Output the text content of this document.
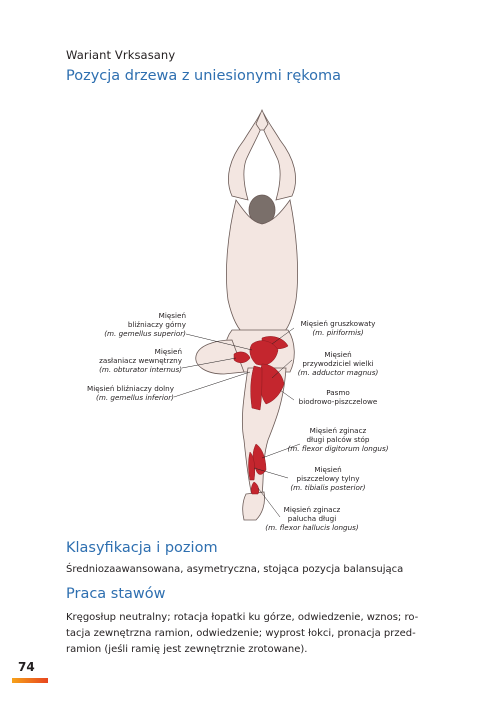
Wariant Vrksasany
Pozycja drzewa z uniesionymi rękoma
Mięsień
bliźniaczy górny
(m. gemellus superior)
Mięsień
zasłaniacz wewnętrzny
(m. obturator internus)
Mięsień bliźniaczy dolny
(m. gemellus inferior)
Mięsień gruszkowaty
(m. piriformis)
Mięsień
przywodziciel wielki
(m. adductor magnus)
Pasmo
biodrowo-piszczelowe
Mięsień zginacz
długi palców stóp
(m. flexor digitorum longus)
Mięsień
piszczelowy tylny
(m. tibialis posterior)
Mięsień zginacz
palucha długi
(m. flexor hallucis longus)
Klasyfikacja i poziom
Średniozaawansowana, asymetryczna, stojąca pozycja balansująca
Praca stawów
Kręgosłup neutralny; rotacja łopatki ku górze, odwiedzenie, wznos; ro-
tacja zewnętrzna ramion, odwiedzenie; wyprost łokci, pronacja przed-
ramion (jeśli ramię jest zewnętrznie zrotowane).
74
